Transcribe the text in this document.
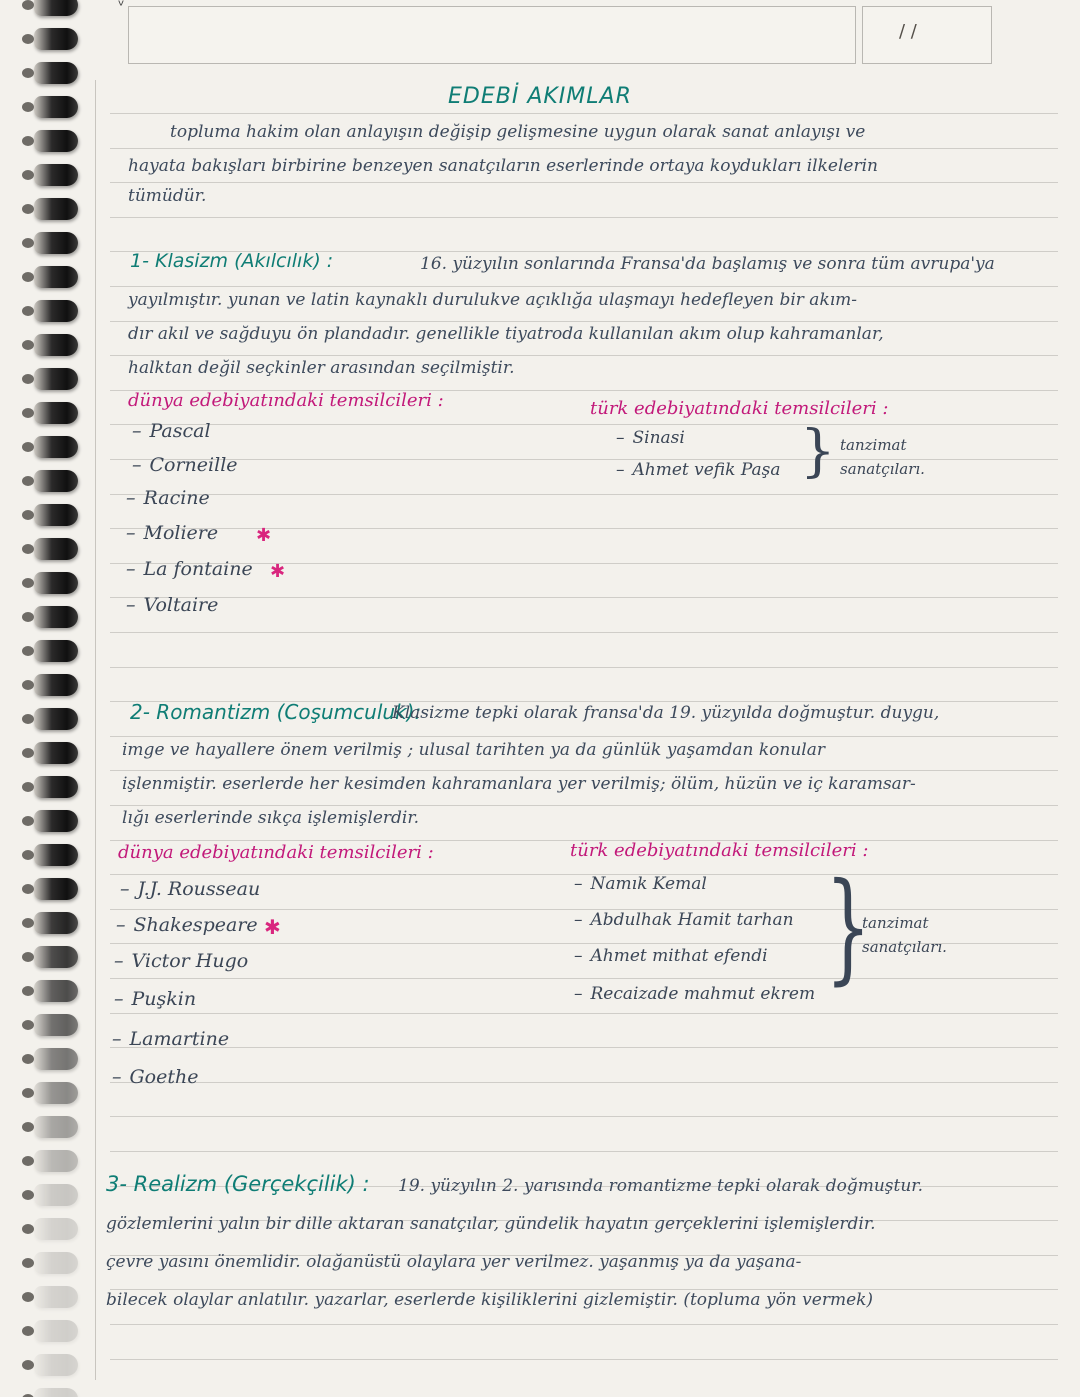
/ /
ᵛ
EDEBİ AKIMLAR
topluma hakim olan anlayışın değişip gelişmesine uygun olarak sanat anlayışı ve
hayata bakışları birbirine benzeyen sanatçıların eserlerinde ortaya koydukları ilkelerin
tümüdür.
1- Klasizm (Akılcılık) :	16. yüzyılın sonlarında Fransa'da başlamış ve sonra tüm avrupa'ya
yayılmıştır. yunan ve latin kaynaklı durulukve açıklığa ulaşmayı hedefleyen bir akım-
dır akıl ve sağduyu ön plandadır. genellikle tiyatroda kullanılan akım olup kahramanlar,
halktan değil seçkinler arasından seçilmiştir.
dünya edebiyatındaki temsilcileri :	türk edebiyatındaki temsilcileri :
– Pascal
– Corneille
– Racine
– Moliere ✱
– La fontaine ✱
– Voltaire
– Sinasi
– Ahmet vefik Paşa } tanzimat
sanatçıları.
2- Romantizm (Coşumculuk):
Klasizme tepki olarak fransa'da 19. yüzyılda doğmuştur. duygu,
imge ve hayallere önem verilmiş ; ulusal tarihten ya da günlük yaşamdan konular
işlenmiştir. eserlerde her kesimden kahramanlara yer verilmiş; ölüm, hüzün ve iç karamsar-
lığı eserlerinde sıkça işlemişlerdir.
dünya edebiyatındaki temsilcileri :	türk edebiyatındaki temsilcileri :
– J.J. Rousseau
– Shakespeare ✱
– Victor Hugo
– Puşkin
– Lamartine
– Goethe
– Namık Kemal
– Abdulhak Hamit tarhan
– Ahmet mithat efendi
– Recaizade mahmut ekrem }
tanzimat
sanatçıları.
3- Realizm (Gerçekçilik) : 19. yüzyılın 2. yarısında romantizme tepki olarak doğmuştur.
gözlemlerini yalın bir dille aktaran sanatçılar, gündelik hayatın gerçeklerini işlemişlerdir.
çevre yasını önemlidir. olağanüstü olaylara yer verilmez. yaşanmış ya da yaşana-
bilecek olaylar anlatılır. yazarlar, eserlerde kişiliklerini gizlemiştir. (topluma yön vermek)
